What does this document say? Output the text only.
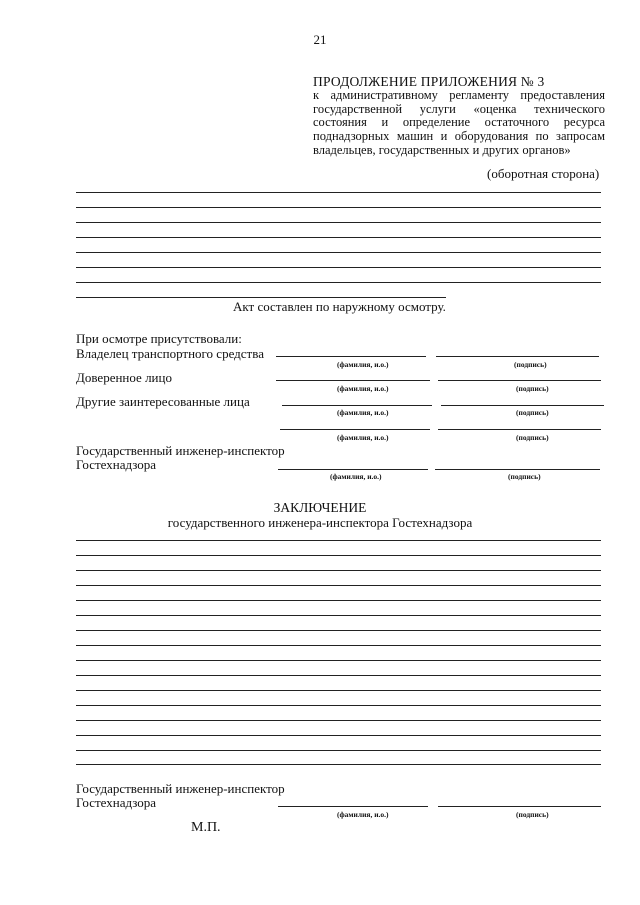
21
ПРОДОЛЖЕНИЕ ПРИЛОЖЕНИЯ № 3
к административному регламенту предоставления государственной услуги «оценка технического состояния и определение остаточного ресурса поднадзорных машин и оборудования по запросам владельцев, государственных и других органов»
(оборотная сторона)
Акт составлен по наружному осмотру.
При осмотре присутствовали:
Владелец транспортного средства
(фамилия, и.о.)	(подпись)
Доверенное лицо
(фамилия, и.о.)	(подпись)
Другие заинтересованные лица
(фамилия, и.о.)	(подпись)
(фамилия, и.о.)	(подпись)
Государственный инженер-инспектор
Гостехнадзора
(фамилия, и.о.)	(подпись)
ЗАКЛЮЧЕНИЕ
государственного инженера-инспектора Гостехнадзора
Государственный инженер-инспектор
Гостехнадзора
(фамилия, и.о.)	(подпись)
М.П.
